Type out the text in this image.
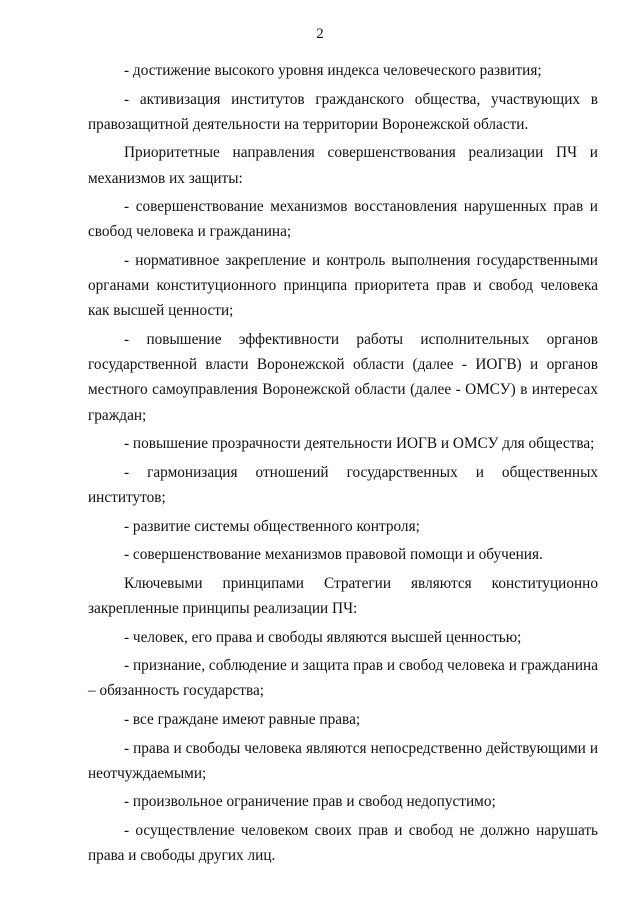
2

- достижение высокого уровня индекса человеческого развития;

- активизация институтов гражданского общества, участвующих в правозащитной деятельности на территории Воронежской области.

Приоритетные направления совершенствования реализации ПЧ и механизмов их защиты:

- совершенствование механизмов восстановления нарушенных прав и свобод человека и гражданина;

- нормативное закрепление и контроль выполнения государственными органами конституционного принципа приоритета прав и свобод человека как высшей ценности;

- повышение эффективности работы исполнительных органов государственной власти Воронежской области (далее - ИОГВ) и органов местного самоуправления Воронежской области (далее - ОМСУ) в интересах граждан;

- повышение прозрачности деятельности ИОГВ и ОМСУ для общества;

- гармонизация отношений государственных и общественных институтов;

- развитие системы общественного контроля;

- совершенствование механизмов правовой помощи и обучения.

Ключевыми принципами Стратегии являются конституционно закрепленные принципы реализации ПЧ:

- человек, его права и свободы являются высшей ценностью;

- признание, соблюдение и защита прав и свобод человека и гражданина – обязанность государства;

- все граждане имеют равные права;

- права и свободы человека являются непосредственно действующими и неотчуждаемыми;

- произвольное ограничение прав и свобод недопустимо;

- осуществление человеком своих прав и свобод не должно нарушать права и свободы других лиц.
